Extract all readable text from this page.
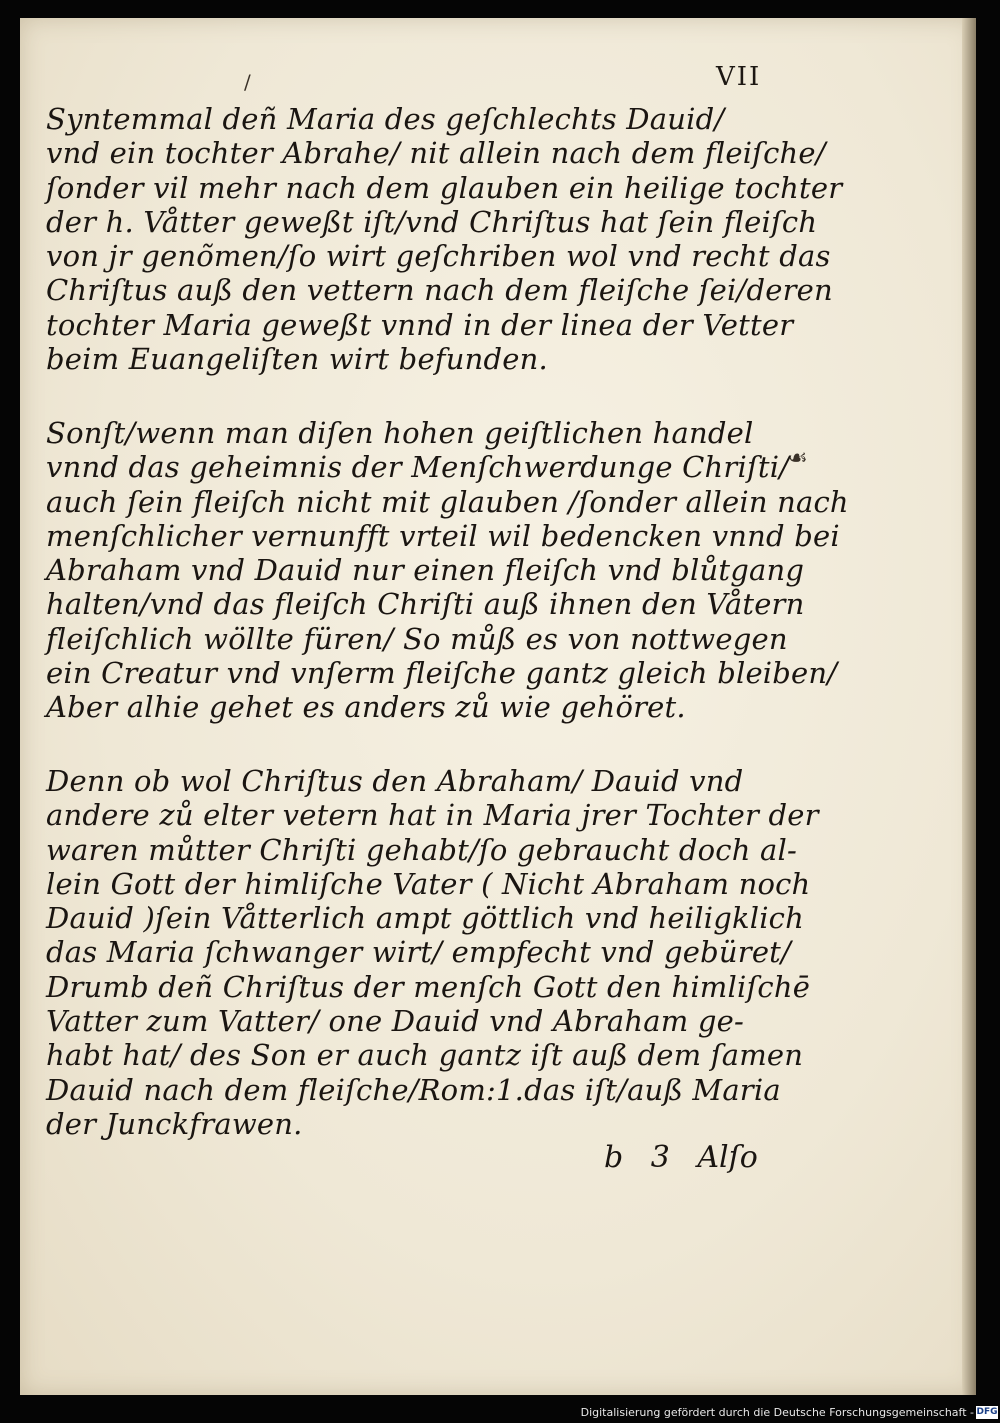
/	VII
Syntemmal deñ Maria des geſchlechts Dauid/
vnd ein tochter Abrahe/ nit allein nach dem fleiſche/
ſonder vil mehr nach dem glauben ein heilige tochter
der h. Våtter geweßt iſt/vnd Chriſtus hat ſein fleiſch
von jr genõmen/ſo wirt geſchriben wol vnd recht das
Chriſtus auß den vettern nach dem fleiſche ſei/deren
tochter Maria geweßt vnnd in der linea der Vetter
beim Euangeliſten wirt befunden.
Sonſt/wenn man diſen hohen geiſtlichen handel
vnnd das geheimnis der Menſchwerdunge Chriſti/
auch ſein fleiſch nicht mit glauben /ſonder allein nach
menſchlicher vernunfft vrteil wil bedencken vnnd bei
Abraham vnd Dauid nur einen fleiſch vnd blůtgang
halten/vnd das fleiſch Chriſti auß ihnen den Våtern
fleiſchlich wöllte füren/ So můß es von nottwegen
ein Creatur vnd vnſerm fleiſche gantz gleich bleiben/
Aber alhie gehet es anders zů wie gehöret.
☙
Denn ob wol Chriſtus den Abraham/ Dauid vnd
andere zů elter vetern hat in Maria jrer Tochter der
waren můtter Chriſti gehabt/ſo gebraucht doch al-
lein Gott der himliſche Vater ( Nicht Abraham noch
Dauid )ſein Våtterlich ampt göttlich vnd heiligklich
das Maria ſchwanger wirt/ empfecht vnd gebüret/
Drumb deñ Chriſtus der menſch Gott den himliſchē
Vatter zum Vatter/ one Dauid vnd Abraham ge-
habt hat/ des Son er auch gantz iſt auß dem ſamen
Dauid nach dem fleiſche/Rom:1.das iſt/auß Maria
der Junckfrawen.
b 3 Alſo
Digitalisierung gefördert durch die Deutsche Forschungsgemeinschaft - DFG
